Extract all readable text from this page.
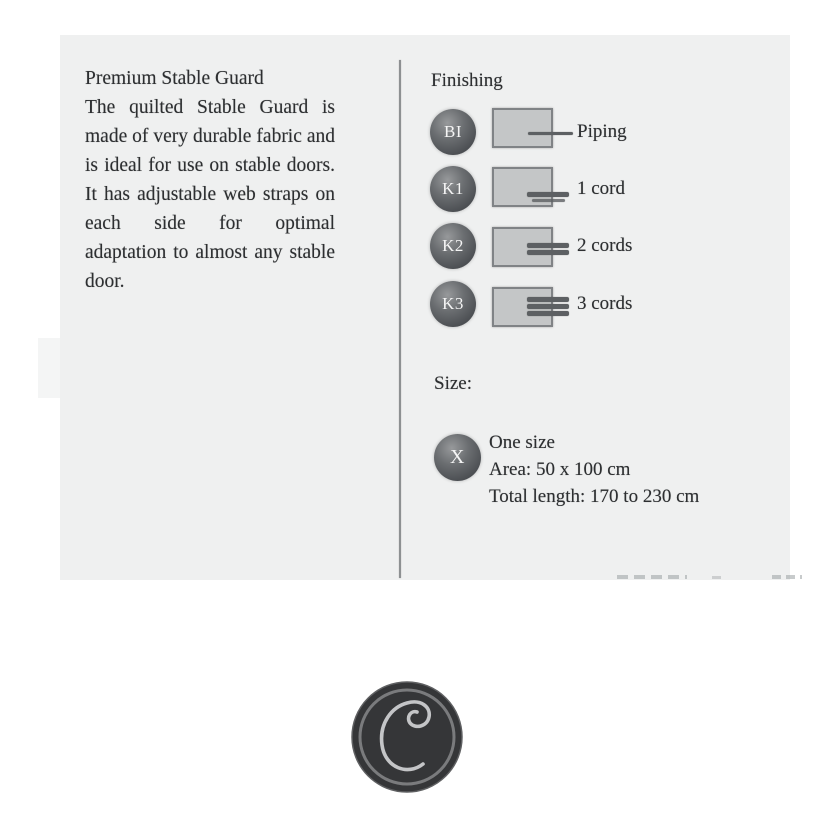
Premium Stable Guard

The quilted Stable Guard is made of very durable fabric and is ideal for use on stable doors. It has adjustable web straps on each side for optimal adaptation to almost any stable door.

Finishing
BI	Piping
K1	1 cord
K2	2 cords
K3	3 cords
Size:
X
One size
Area: 50 x 100 cm
Total length: 170 to 230 cm
